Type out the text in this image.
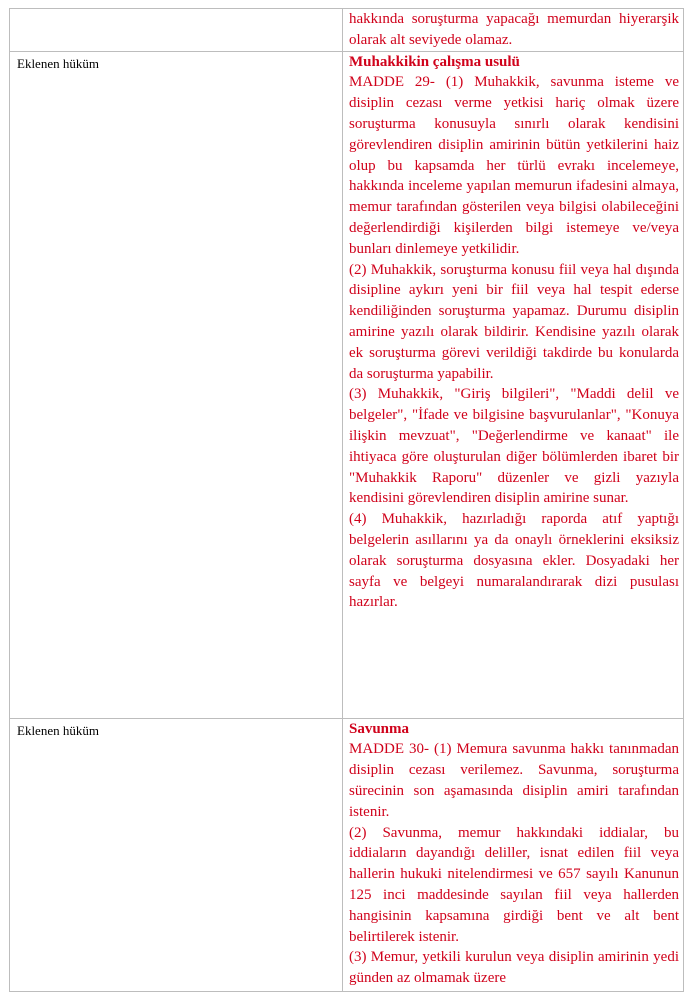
	hakkında soruşturma yapacağı memurdan hiyerarşik olarak alt seviyede olamaz.

Eklenen hüküm	Muhakkikin çalışma usulü

MADDE 29- (1) Muhakkik, savunma isteme ve disiplin cezası verme yetkisi hariç olmak üzere soruşturma konusuyla sınırlı olarak kendisini görevlendiren disiplin amirinin bütün yetkilerini haiz olup bu kapsamda her türlü evrakı incelemeye, hakkında inceleme yapılan memurun ifadesini almaya, memur tarafından gösterilen veya bilgisi olabileceğini değerlendirdiği kişilerden bilgi istemeye ve/veya bunları dinlemeye yetkilidir.

(2) Muhakkik, soruşturma konusu fiil veya hal dışında disipline aykırı yeni bir fiil veya hal tespit ederse kendiliğinden soruşturma yapamaz. Durumu disiplin amirine yazılı olarak bildirir. Kendisine yazılı olarak ek soruşturma görevi verildiği takdirde bu konularda da soruşturma yapabilir.

(3) Muhakkik, "Giriş bilgileri", "Maddi delil ve belgeler", "İfade ve bilgisine başvurulanlar", "Konuya ilişkin mevzuat", "Değerlendirme ve kanaat" ile ihtiyaca göre oluşturulan diğer bölümlerden ibaret bir "Muhakkik Raporu" düzenler ve gizli yazıyla kendisini görevlendiren disiplin amirine sunar.

(4) Muhakkik, hazırladığı raporda atıf yaptığı belgelerin asıllarını ya da onaylı örneklerini eksiksiz olarak soruşturma dosyasına ekler. Dosyadaki her sayfa ve belgeyi numaralandırarak dizi pusulası hazırlar.

Eklenen hüküm	Savunma

MADDE 30- (1) Memura savunma hakkı tanınmadan disiplin cezası verilemez. Savunma, soruşturma sürecinin son aşamasında disiplin amiri tarafından istenir.

(2) Savunma, memur hakkındaki iddialar, bu iddiaların dayandığı deliller, isnat edilen fiil veya hallerin hukuki nitelendirmesi ve 657 sayılı Kanunun 125 inci maddesinde sayılan fiil veya hallerden hangisinin kapsamına girdiği bent ve alt bent belirtilerek istenir.

(3) Memur, yetkili kurulun veya disiplin amirinin yedi günden az olmamak üzere
